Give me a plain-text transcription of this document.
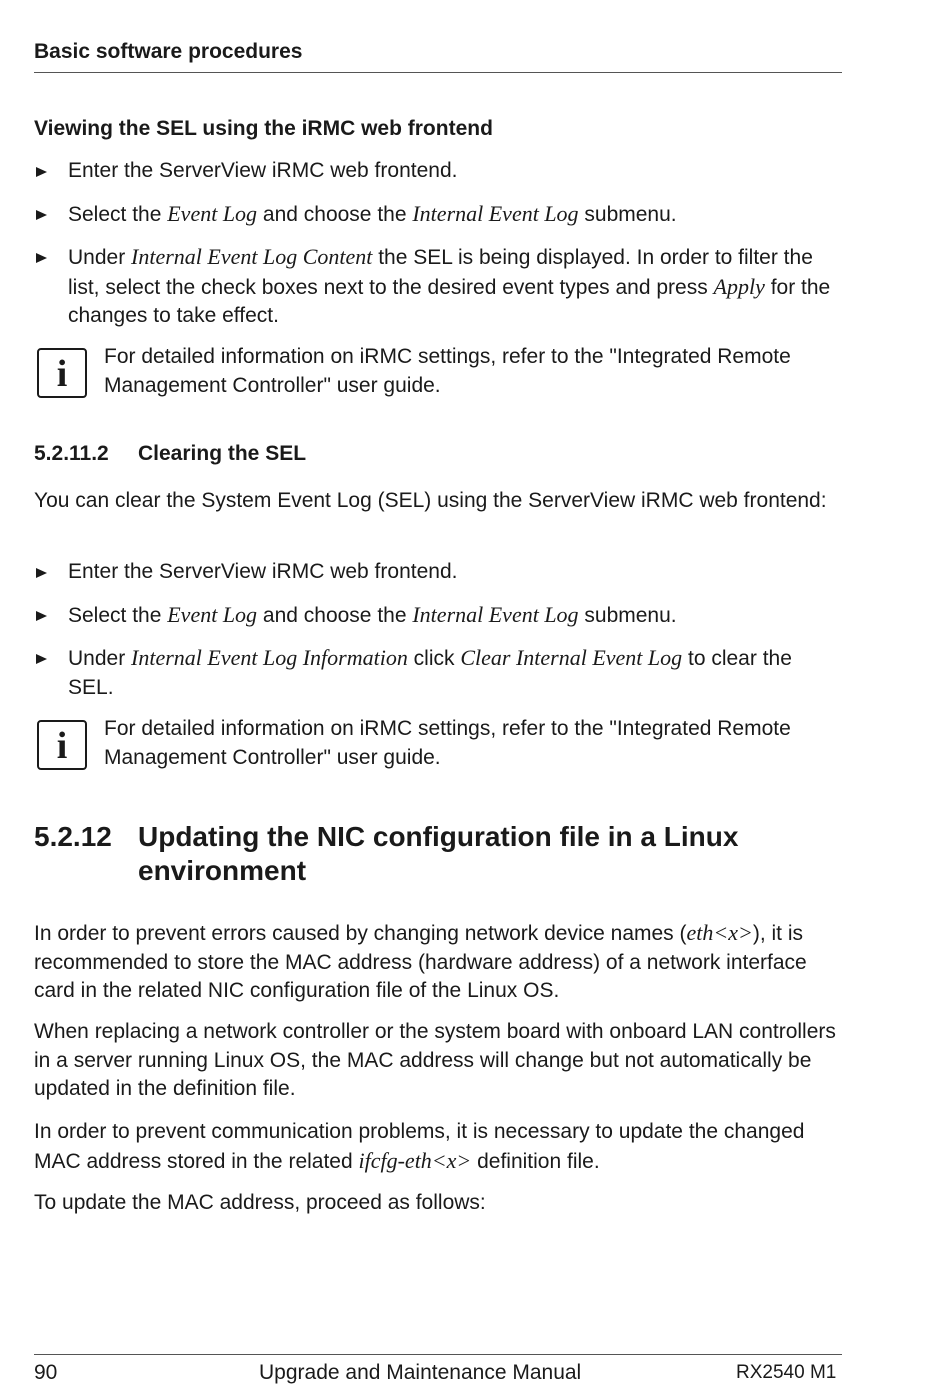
Basic software procedures
Viewing the SEL using the iRMC web frontend
Enter the ServerView iRMC web frontend.
Select the Event Log and choose the Internal Event Log submenu.
Under Internal Event Log Content the SEL is being displayed. In order to filter the list, select the check boxes next to the desired event types and press Apply for the changes to take effect.
i	For detailed information on iRMC settings, refer to the "Integrated Remote Management Controller" user guide.
5.2.11.2 Clearing the SEL
You can clear the System Event Log (SEL) using the ServerView iRMC web frontend:
Enter the ServerView iRMC web frontend.
Select the Event Log and choose the Internal Event Log submenu.
Under Internal Event Log Information click Clear Internal Event Log to clear the SEL.
i	For detailed information on iRMC settings, refer to the "Integrated Remote Management Controller" user guide.
5.2.12 Updating the NIC configuration file in a Linux environment
In order to prevent errors caused by changing network device names (eth<x>), it is recommended to store the MAC address (hardware address) of a network interface card in the related NIC configuration file of the Linux OS.
When replacing a network controller or the system board with onboard LAN controllers in a server running Linux OS, the MAC address will change but not automatically be updated in the definition file.
In order to prevent communication problems, it is necessary to update the changed MAC address stored in the related ifcfg-eth<x> definition file.
To update the MAC address, proceed as follows:
90	Upgrade and Maintenance Manual	RX2540 M1
